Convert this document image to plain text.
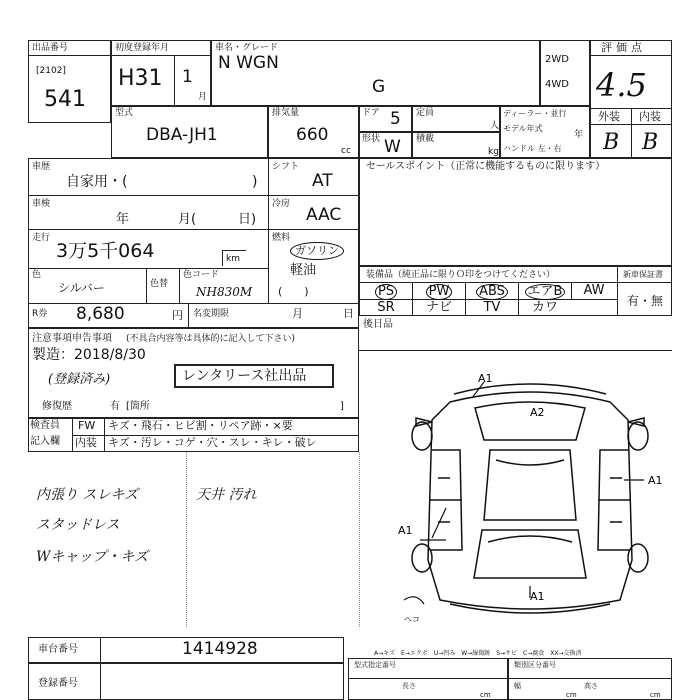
出品番号
[2102]
541
初度登録年月
H31 1
月
車名・グレード
N WGN
G
2WD
4WD
評価点
4.5
外装 内装
B B
型式
DBA-JH1
排気量
660
cc
ドア 5 定員
人
形状 W 積載
kg
ディーラー・並行
モデル年式
年
ハンドル 左・右
車歴
自家用・(	)
シフト
AT
車検
年	月(	日)
冷房
AAC
走行
3万5千064	km
燃料
ガソリン
軽油
(　　)
色
シルバー	色替
色コード
NH830M
R券 8,680	円 名変期限	月	日
セールスポイント（正常に機能するものに限ります）
装備品（純正品に限りＯ印をつけてください）	新車保証書
有・無
PS	PW	ABS	エアB	AW
SR	ナビ	TV	カワ
後日品
注意事項申告事項 (不具合内容等は具体的に記入して下さい)
製造：2018/8/30
(登録済み)	レンタリース社出品
修復歴	有 [箇所	]
検査員
記入欄
FW キズ・飛石・ヒビ割・リペア跡・×要
内装 キズ・汚レ・コゲ・穴・スレ・キレ・破レ
内張り スレキズ	天井 汚れ
スタッドレス
Wキャップ・キズ
A1
A2
A1
A1
A1
ヘコ
車台番号	1414928
登録番号
A→キズ　E→エクボ　U→凹み　W→線傷跡　S→サビ　C→腐食　XX→交換済
型式指定番号
長さ
cm
類別区分番号
幅	高さ
cm	cm
